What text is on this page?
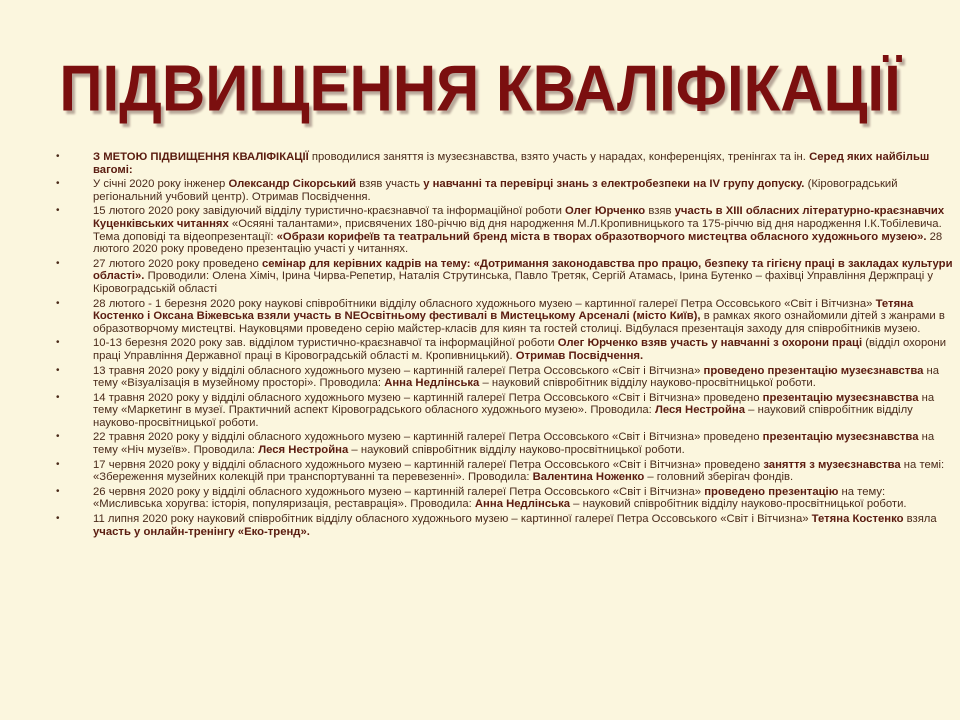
ПІДВИЩЕННЯ КВАЛІФІКАЦІЇ
•	З МЕТОЮ ПІДВИЩЕННЯ КВАЛІФІКАЦІЇ проводилися заняття із музеєзнавства, взято участь у нарадах, конференціях, тренінгах та ін. Серед яких найбільш вагомі:
•	У січні 2020 року інженер Олександр Сікорський взяв участь у навчанні та перевірці знань з електробезпеки на IV групу допуску. (Кіровоградський регіональний учбовий центр). Отримав Посвідчення.
•	15 лютого 2020 року завідуючий відділу туристично-краєзнавчої та інформаційної роботи Олег Юрченко взяв участь в XIII обласних літературно-краєзнавчих Куценківських читаннях «Осяяні талантами», присвячених 180-річчю від дня народження М.Л.Кропивницького та 175-річчю від дня народження І.К.Тобілевича. Тема доповіді та відеопрезентації: «Образи корифеїв та театральний бренд міста в творах образотворчого мистецтва обласного художнього музею». 28 лютого 2020 року проведено презентацію участі у читаннях.
•	27 лютого 2020 року проведено семінар для керівних кадрів на тему: «Дотримання законодавства про працю, безпеку та гігієну праці в закладах культури області». Проводили: Олена Хіміч, Ірина Чирва-Репетир, Наталія Струтинська, Павло Третяк, Сергій Атамась, Ірина Бутенко – фахівці Управління Держпраці у Кіровоградській області
•	28 лютого - 1 березня 2020 року наукові співробітники відділу обласного художнього музею – картинної галереї Петра Оссовського «Світ і Вітчизна» Тетяна Костенко і Оксана Віжевська взяли участь в NEOсвітньому фестивалі в Мистецькому Арсеналі (місто Київ), в рамках якого ознайомили дітей з жанрами в образотворчому мистецтві. Науковцями проведено серію майстер-класів для киян та гостей столиці. Відбулася презентація заходу для співробітників музею.
•	10-13 березня 2020 року зав. відділом туристично-краєзнавчої та інформаційної роботи Олег Юрченко взяв участь у навчанні з охорони праці (відділ охорони праці Управління Державної праці в Кіровоградській області м. Кропивницький). Отримав Посвідчення.
•	13 травня 2020 року у відділі обласного художнього музею – картинній галереї Петра Оссовського «Світ і Вітчизна» проведено презентацію музеєзнавства на тему «Візуалізація в музейному просторі». Проводила: Анна Недлінська – науковий співробітник відділу науково-просвітницької роботи.
•	14 травня 2020 року у відділі обласного художнього музею – картинній галереї Петра Оссовського «Світ і Вітчизна» проведено презентацію музеєзнавства на тему «Маркетинг в музеї. Практичний аспект Кіровоградського обласного художнього музею». Проводила: Леся Нестройна – науковий співробітник відділу науково-просвітницької роботи.
•	22 травня 2020 року у відділі обласного художнього музею – картинній галереї Петра Оссовського «Світ і Вітчизна» проведено презентацію музеєзнавства на тему «Ніч музеїв». Проводила: Леся Нестройна – науковий співробітник відділу науково-просвітницької роботи.
•	17 червня 2020 року у відділі обласного художнього музею – картинній галереї Петра Оссовського «Світ і Вітчизна» проведено заняття з музеєзнавства на темі: «Збереження музейних колекцій при транспортуванні та перевезенні». Проводила: Валентина Ноженко – головний зберігач фондів.
•	26 червня 2020 року у відділі обласного художнього музею – картинній галереї Петра Оссовського «Світ і Вітчизна» проведено презентацію на тему: «Мисливська хоругва: історія, популяризація, реставрація». Проводила: Анна Недлінська – науковий співробітник відділу науково-просвітницької роботи.
•	11 липня 2020 року науковий співробітник відділу обласного художнього музею – картинної галереї Петра Оссовського «Світ і Вітчизна» Тетяна Костенко взяла участь у онлайн-тренінгу «Еко-тренд».
